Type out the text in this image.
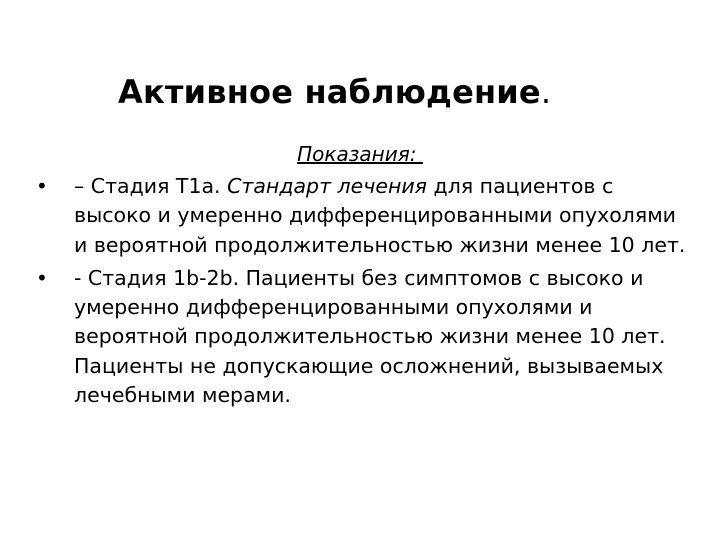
Активное наблюдение.
Показания:
• – Стадия Т1а. Стандарт лечения для пациентов с высоко и умеренно дифференцированными опухолями и вероятной продолжительностью жизни менее 10 лет.
• - Стадия 1b-2b. Пациенты без симптомов с высоко и умеренно дифференцированными опухолями и вероятной продолжительностью жизни менее 10 лет. Пациенты не допускающие осложнений, вызываемых лечебными мерами.
